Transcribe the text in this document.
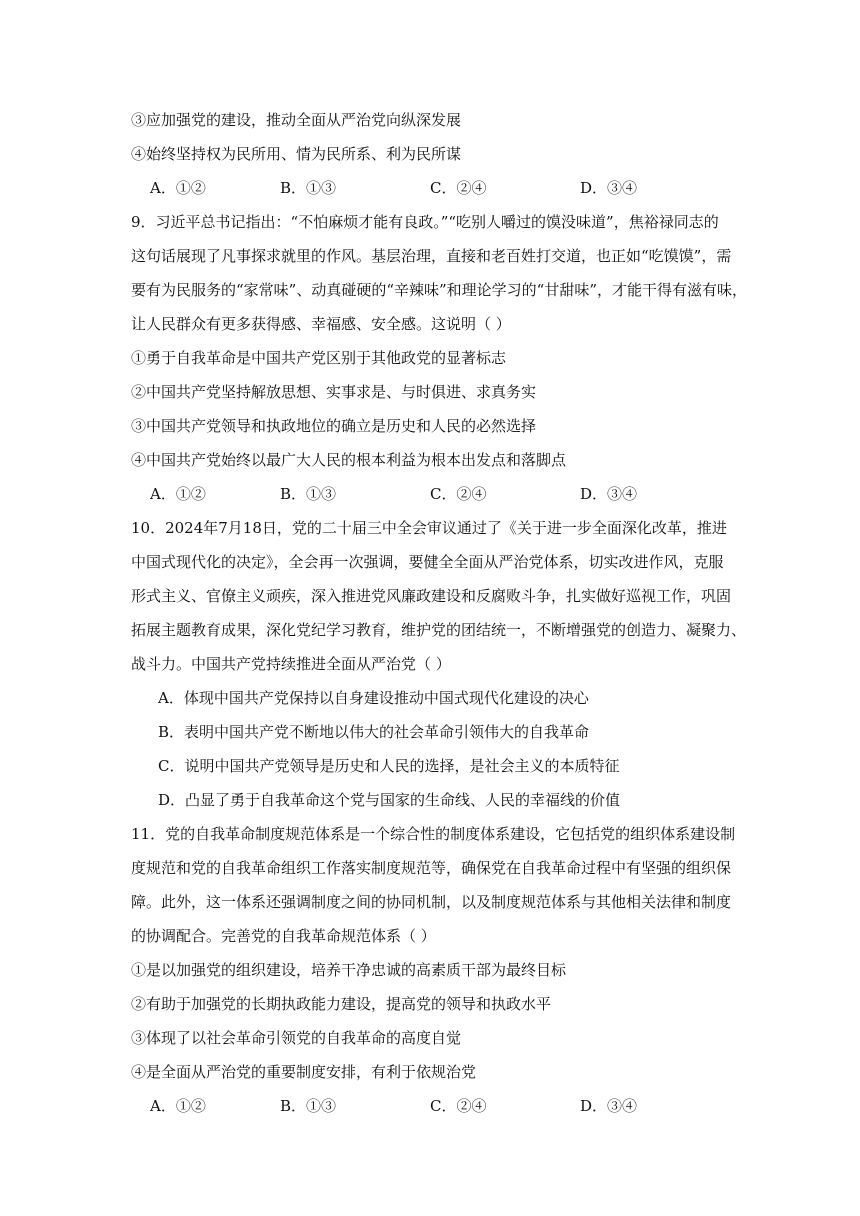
③应加强党的建设，推动全面从严治党向纵深发展
④始终坚持权为民所用、情为民所系、利为民所谋
A．①②	B．①③	C．②④	D．③④
9．习近平总书记指出：“不怕麻烦才能有良政。”“吃别人嚼过的馍没味道”，焦裕禄同志的
这句话展现了凡事探求就里的作风。基层治理，直接和老百姓打交道，也正如“吃馍馍”，需
要有为民服务的“家常味”、动真碰硬的“辛辣味”和理论学习的“甘甜味”，才能干得有滋有味，
让人民群众有更多获得感、幸福感、安全感。这说明（ ）
①勇于自我革命是中国共产党区别于其他政党的显著标志
②中国共产党坚持解放思想、实事求是、与时俱进、求真务实
③中国共产党领导和执政地位的确立是历史和人民的必然选择
④中国共产党始终以最广大人民的根本利益为根本出发点和落脚点
A．①②	B．①③	C．②④	D．③④
10．2024年7月18日，党的二十届三中全会审议通过了《关于进一步全面深化改革，推进
中国式现代化的决定》，全会再一次强调，要健全全面从严治党体系，切实改进作风，克服
形式主义、官僚主义顽疾，深入推进党风廉政建设和反腐败斗争，扎实做好巡视工作，巩固
拓展主题教育成果，深化党纪学习教育，维护党的团结统一，不断增强党的创造力、凝聚力、
战斗力。中国共产党持续推进全面从严治党（ ）
A．体现中国共产党保持以自身建设推动中国式现代化建设的决心
B．表明中国共产党不断地以伟大的社会革命引领伟大的自我革命
C．说明中国共产党领导是历史和人民的选择，是社会主义的本质特征
D．凸显了勇于自我革命这个党与国家的生命线、人民的幸福线的价值
11．党的自我革命制度规范体系是一个综合性的制度体系建设，它包括党的组织体系建设制
度规范和党的自我革命组织工作落实制度规范等，确保党在自我革命过程中有坚强的组织保
障。此外，这一体系还强调制度之间的协同机制，以及制度规范体系与其他相关法律和制度
的协调配合。完善党的自我革命规范体系（ ）
①是以加强党的组织建设，培养干净忠诚的高素质干部为最终目标
②有助于加强党的长期执政能力建设，提高党的领导和执政水平
③体现了以社会革命引领党的自我革命的高度自觉
④是全面从严治党的重要制度安排，有利于依规治党
A．①②	B．①③	C．②④	D．③④
